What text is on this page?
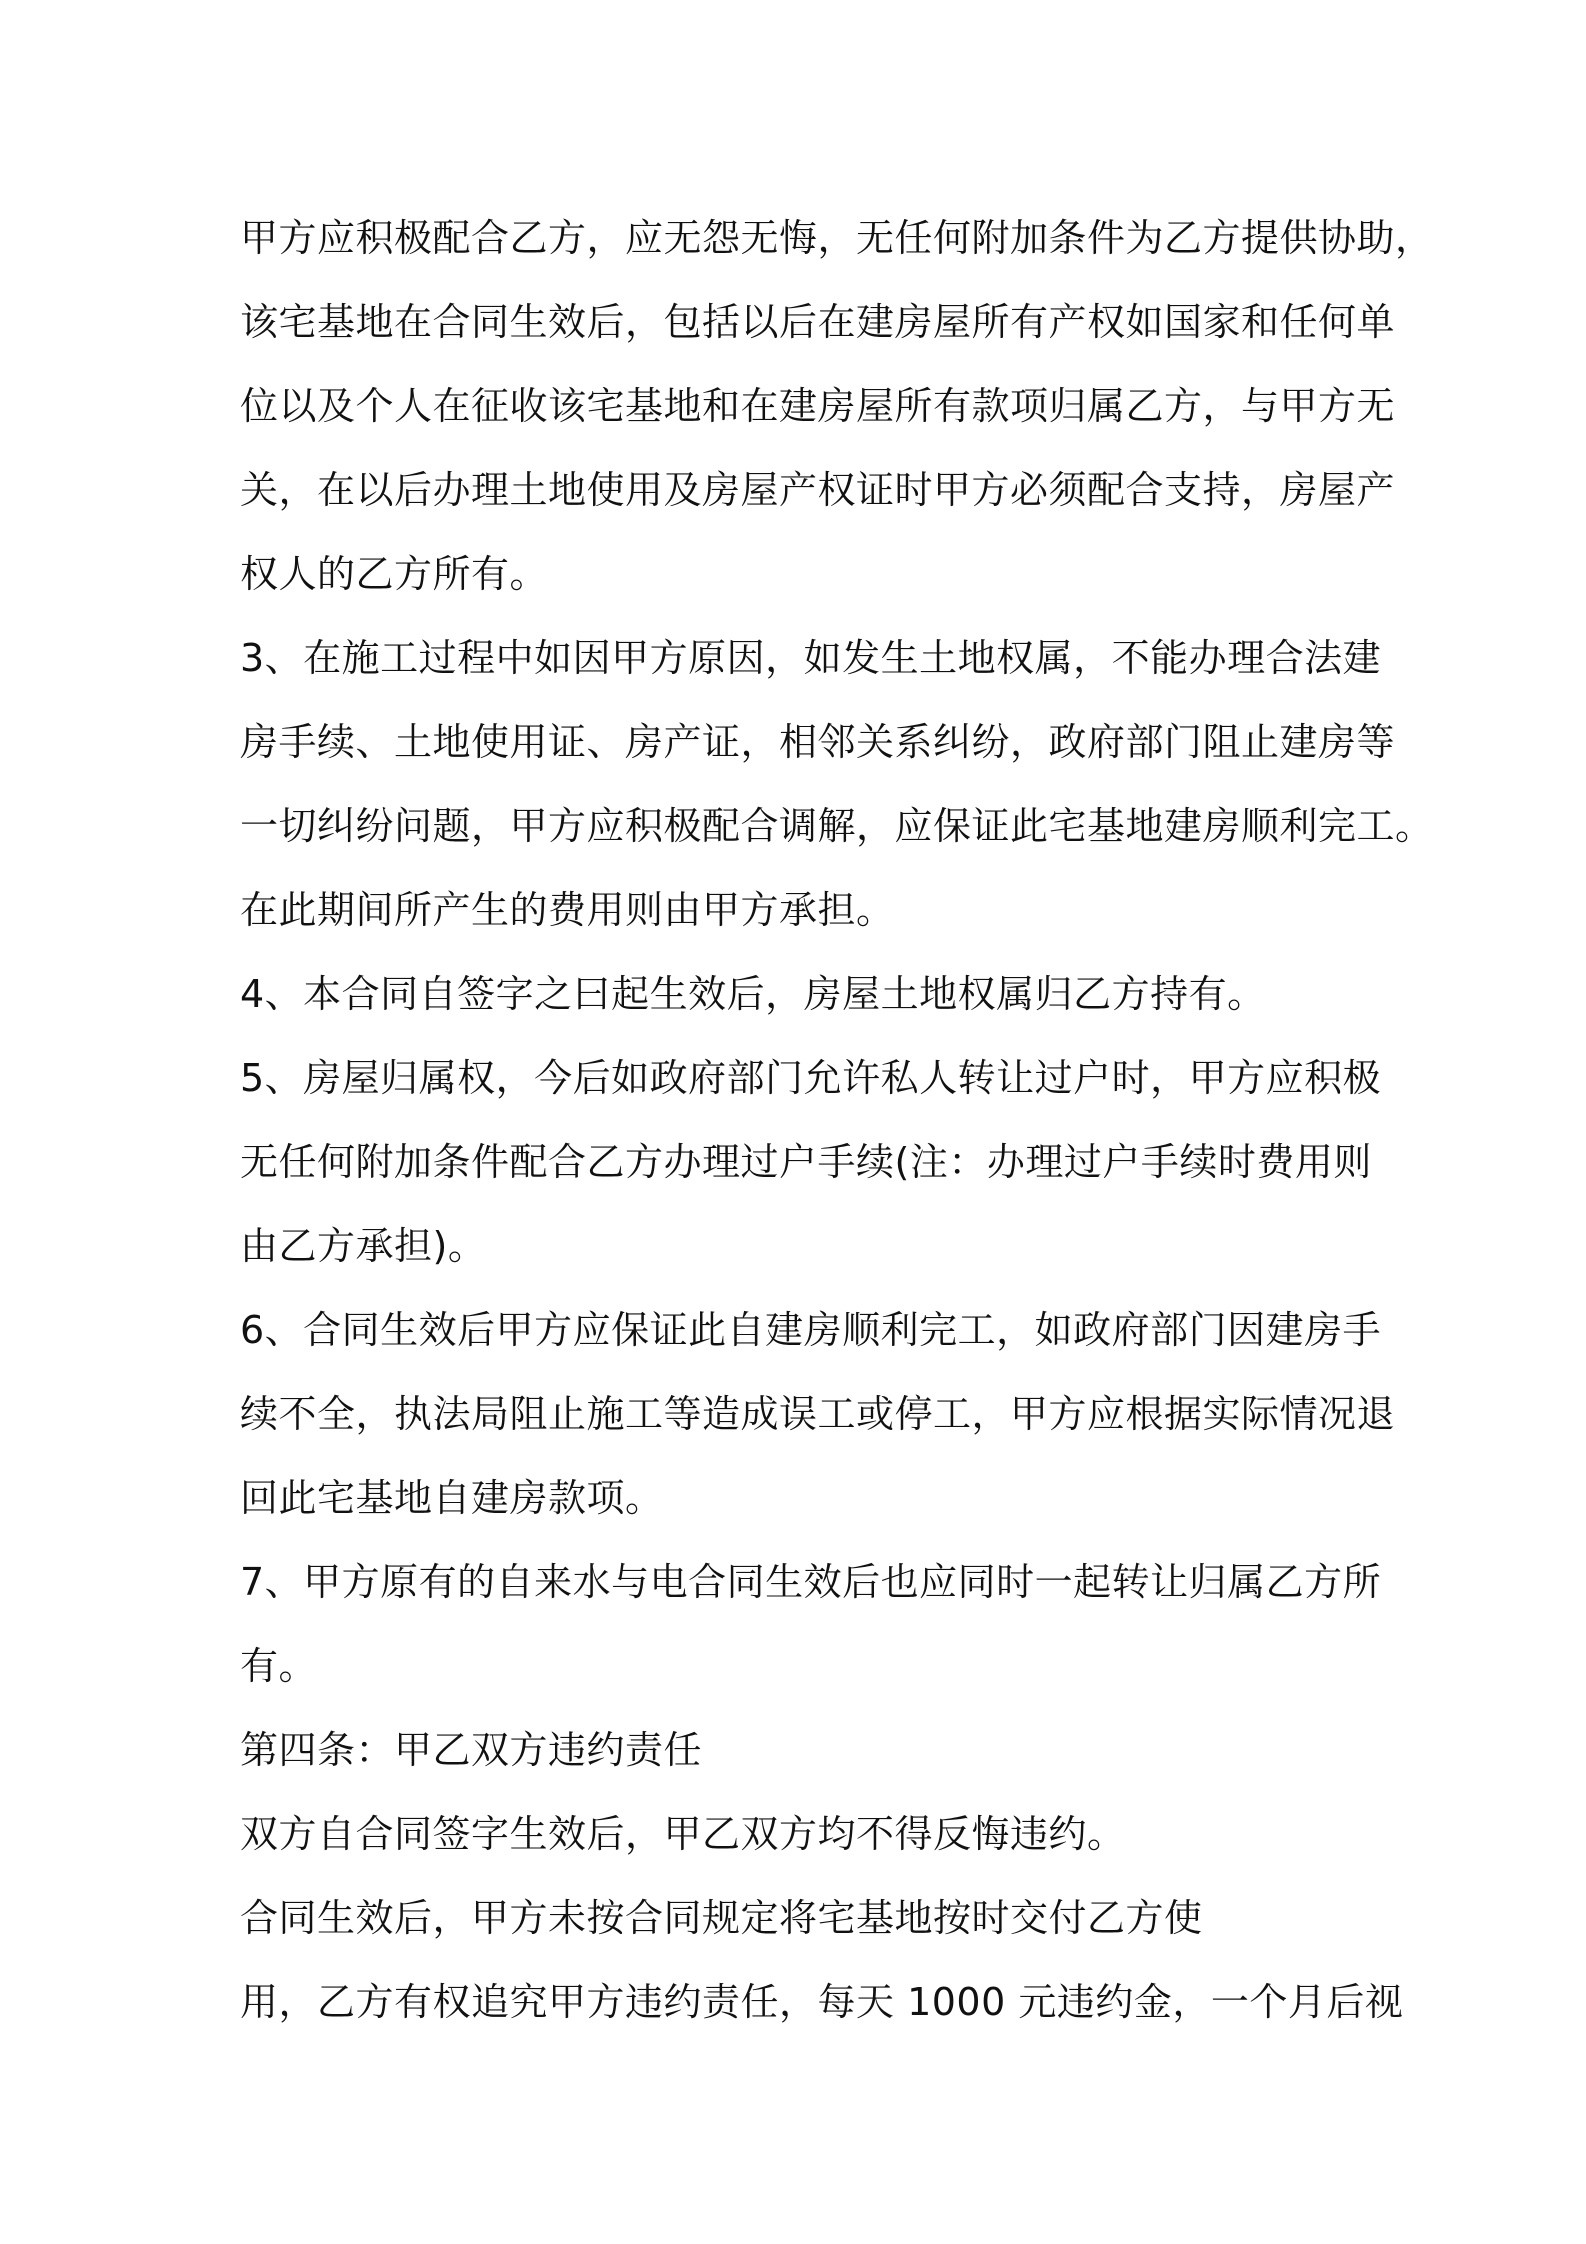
甲方应积极配合乙方，应无怨无悔，无任何附加条件为乙方提供协助，
该宅基地在合同生效后，包括以后在建房屋所有产权如国家和任何单
位以及个人在征收该宅基地和在建房屋所有款项归属乙方，与甲方无
关，在以后办理土地使用及房屋产权证时甲方必须配合支持，房屋产
权人的乙方所有。
3、在施工过程中如因甲方原因，如发生土地权属，不能办理合法建
房手续、土地使用证、房产证，相邻关系纠纷，政府部门阻止建房等
一切纠纷问题，甲方应积极配合调解，应保证此宅基地建房顺利完工。
在此期间所产生的费用则由甲方承担。
4、本合同自签字之曰起生效后，房屋土地权属归乙方持有。
5、房屋归属权，今后如政府部门允许私人转让过户时，甲方应积极
无任何附加条件配合乙方办理过户手续(注：办理过户手续时费用则
由乙方承担)。
6、合同生效后甲方应保证此自建房顺利完工，如政府部门因建房手
续不全，执法局阻止施工等造成误工或停工，甲方应根据实际情况退
回此宅基地自建房款项。
7、甲方原有的自来水与电合同生效后也应同时一起转让归属乙方所
有。
第四条：甲乙双方违约责任
双方自合同签字生效后，甲乙双方均不得反悔违约。
合同生效后，甲方未按合同规定将宅基地按时交付乙方使
用，乙方有权追究甲方违约责任，每天 1000 元违约金，一个月后视
